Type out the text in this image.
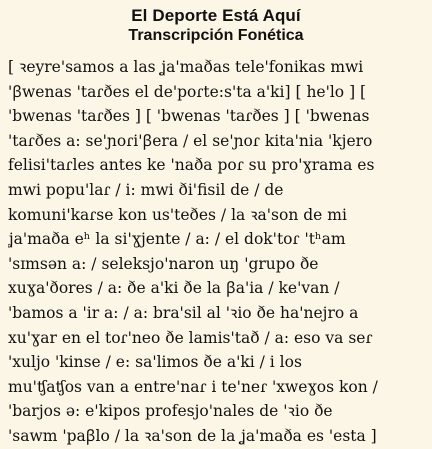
El Deporte Está Aquí
Transcripción Fonética
[ ꝛeyre'samos a las ʝa'maðas tele'fonikas mwi
'ꞵwenas 'taɾðes el de'poɾte:s'ta a'ki] [ he'lo ] [
'bwenas 'taɾðes ] [ 'bwenas 'taɾðes ] [ 'bwenas
'taɾðes a: se'ɲoɾi'ꞵera / el se'ɲoɾ kita'nia 'kjero
felisi'taɾles antes ke 'naða poɾ su pro'ɣrama es
mwi popu'laɾ / i: mwi ði'fisil de / de
komuni'kaɾse kon us'teðes / la ꝛa'son de mi
ʝa'maða eʰ la si'ɣjente / a: / el dok'toɾ 'tʰam
'sɪmsən a: / seleksjo'naron uŋ 'grupo ðe
xuɣa'ðores / a: ðe a'ki ðe la ꞵa'ia / ke'van /
'bamos a 'ir a: / a: bra'sil al 'ꝛio ðe ha'nejro a
xu'ɣar en el toɾ'neo ðe lamis'tað / a: eso va seɾ
'xuljo 'kinse / e: sa'limos ðe a'ki / i los
mu'ʧaʧos van a entre'naɾ i te'neɾ 'xweɣos kon /
'barjos ə: e'kipos profesjo'nales de 'ꝛio ðe
'sawm 'paꞵlo / la ꝛa'son de la ʝa'maða es 'esta ]
